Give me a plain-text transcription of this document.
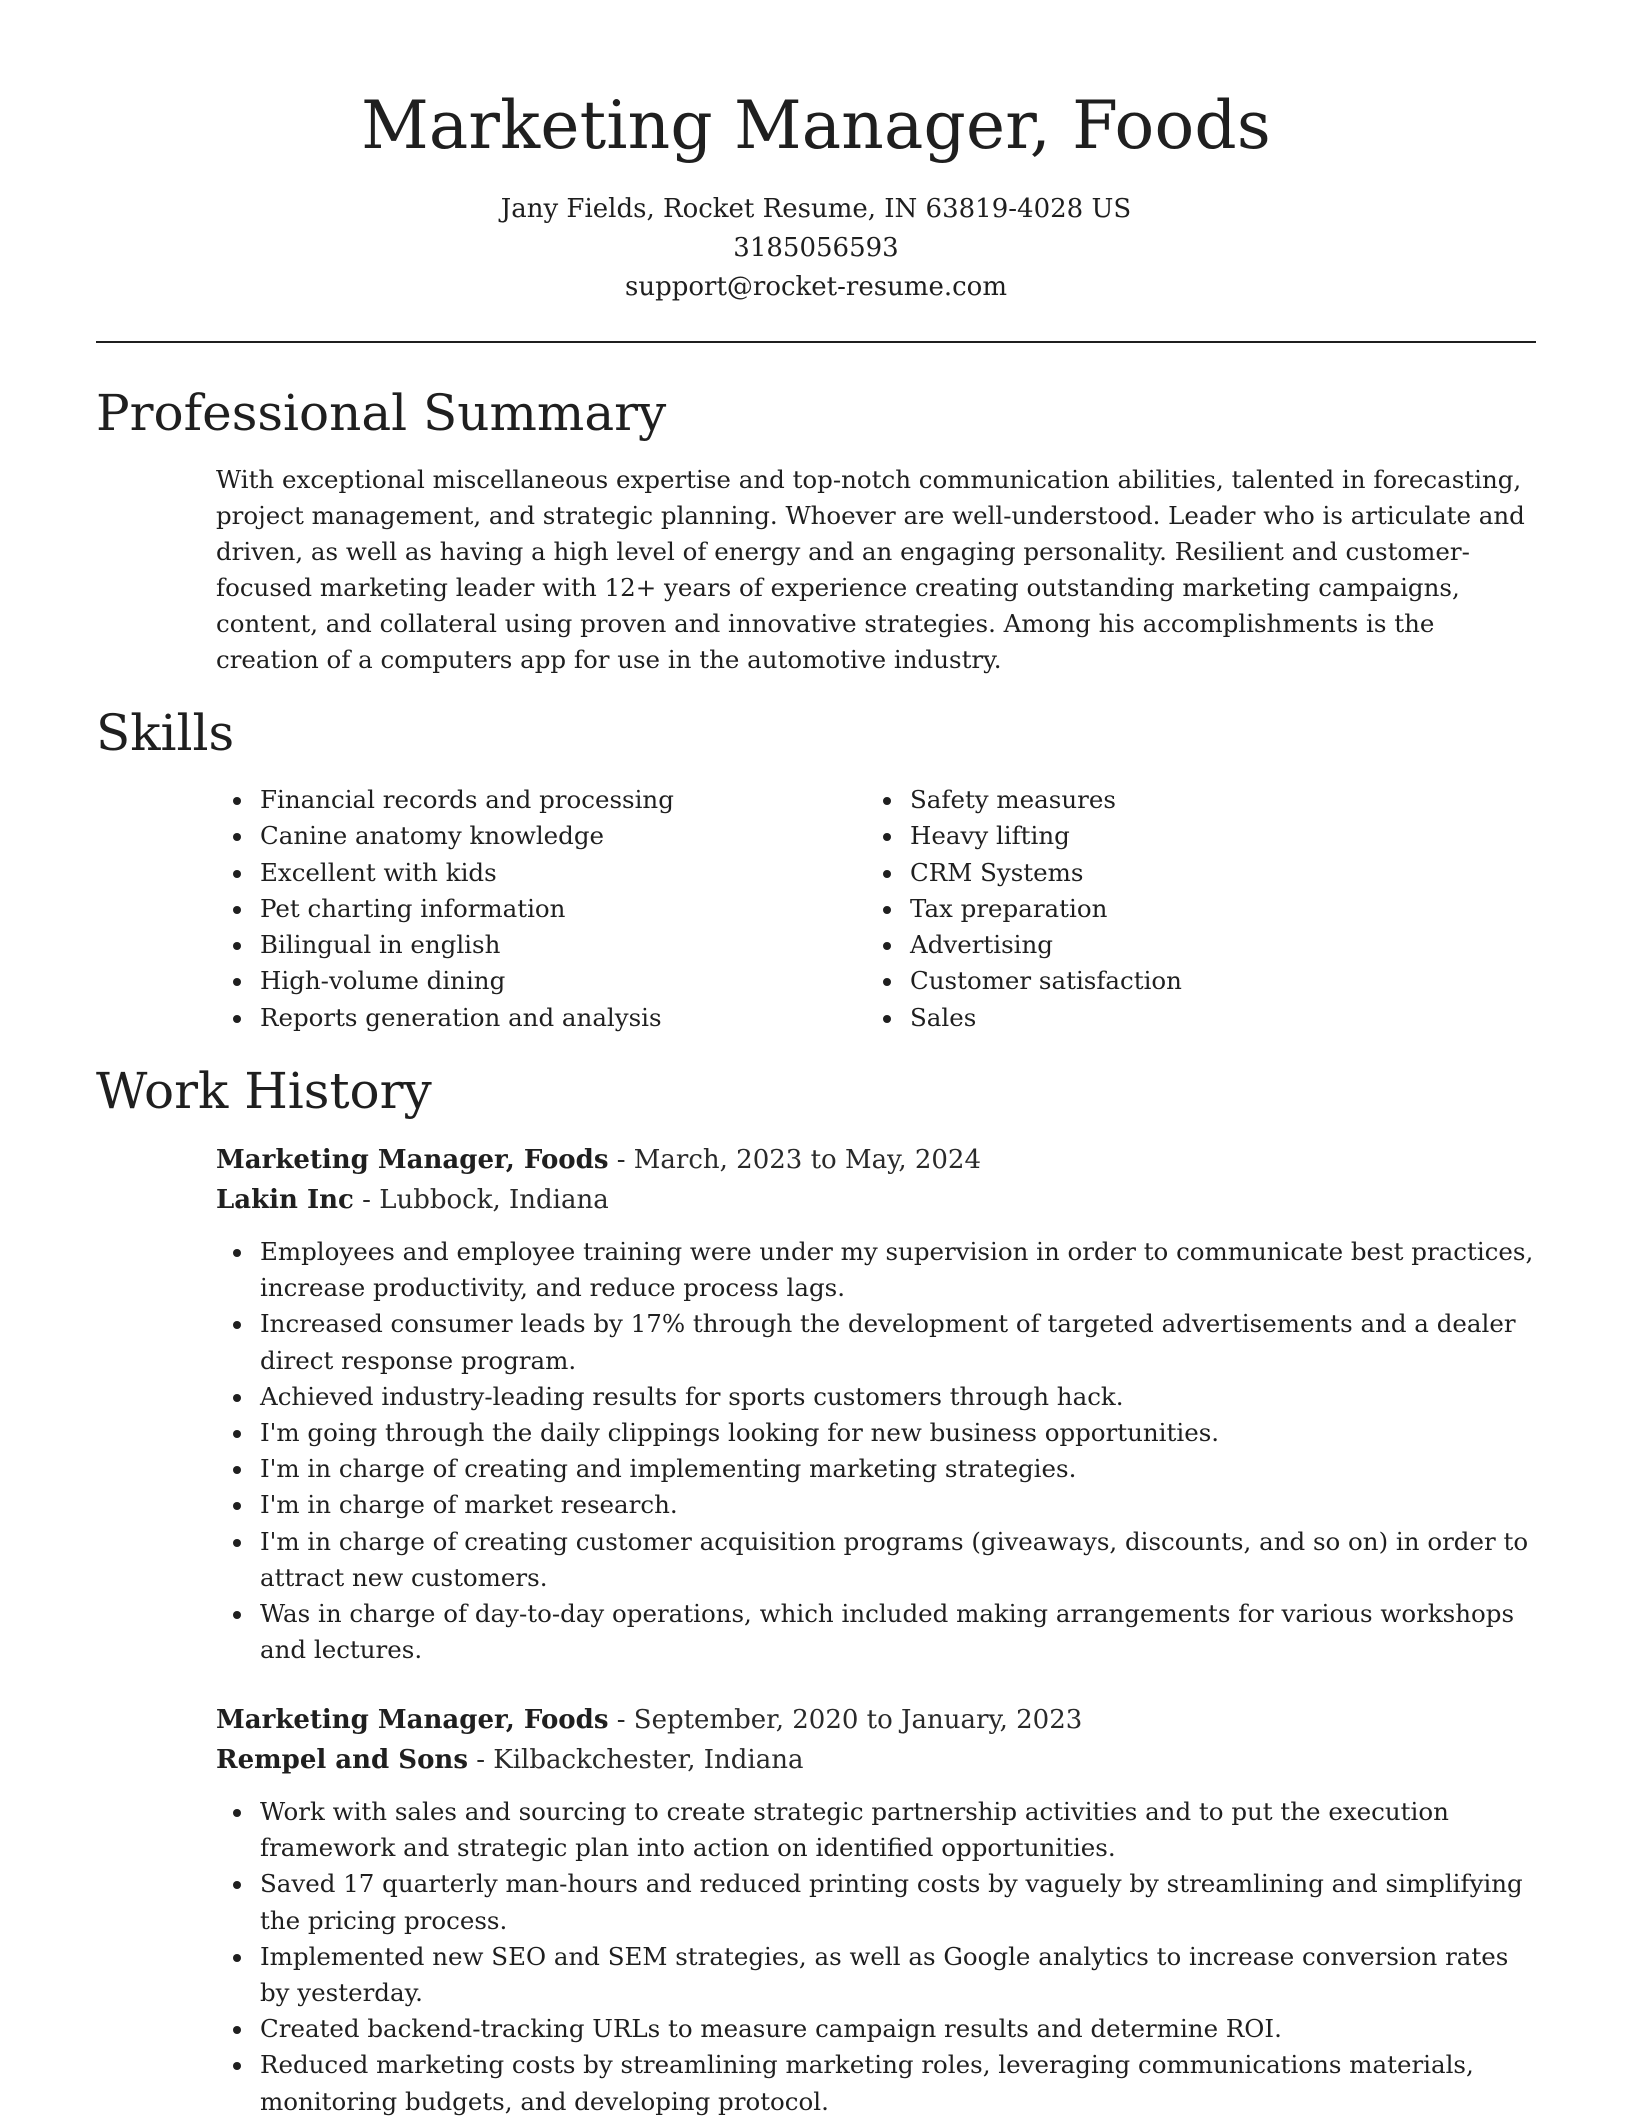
Marketing Manager, Foods
Jany Fields, Rocket Resume, IN 63819-4028 US
3185056593
support@rocket-resume.com
Professional Summary
With exceptional miscellaneous expertise and top-notch communication abilities, talented in forecasting, project management, and strategic planning. Whoever are well-understood. Leader who is articulate and driven, as well as having a high level of energy and an engaging personality. Resilient and customer-focused marketing leader with 12+ years of experience creating outstanding marketing campaigns, content, and collateral using proven and innovative strategies. Among his accomplishments is the creation of a computers app for use in the automotive industry.
Skills
Financial records and processing
Canine anatomy knowledge
Excellent with kids
Pet charting information
Bilingual in english
High-volume dining
Reports generation and analysis
Safety measures
Heavy lifting
CRM Systems
Tax preparation
Advertising
Customer satisfaction
Sales
Work History
Marketing Manager, Foods - March, 2023 to May, 2024
Lakin Inc - Lubbock, Indiana
Employees and employee training were under my supervision in order to communicate best practices, increase productivity, and reduce process lags.
Increased consumer leads by 17% through the development of targeted advertisements and a dealer direct response program.
Achieved industry-leading results for sports customers through hack.
I'm going through the daily clippings looking for new business opportunities.
I'm in charge of creating and implementing marketing strategies.
I'm in charge of market research.
I'm in charge of creating customer acquisition programs (giveaways, discounts, and so on) in order to attract new customers.
Was in charge of day-to-day operations, which included making arrangements for various workshops and lectures.
Marketing Manager, Foods - September, 2020 to January, 2023
Rempel and Sons - Kilbackchester, Indiana
Work with sales and sourcing to create strategic partnership activities and to put the execution framework and strategic plan into action on identified opportunities.
Saved 17 quarterly man-hours and reduced printing costs by vaguely by streamlining and simplifying the pricing process.
Implemented new SEO and SEM strategies, as well as Google analytics to increase conversion rates by yesterday.
Created backend-tracking URLs to measure campaign results and determine ROI.
Reduced marketing costs by streamlining marketing roles, leveraging communications materials, monitoring budgets, and developing protocol.
